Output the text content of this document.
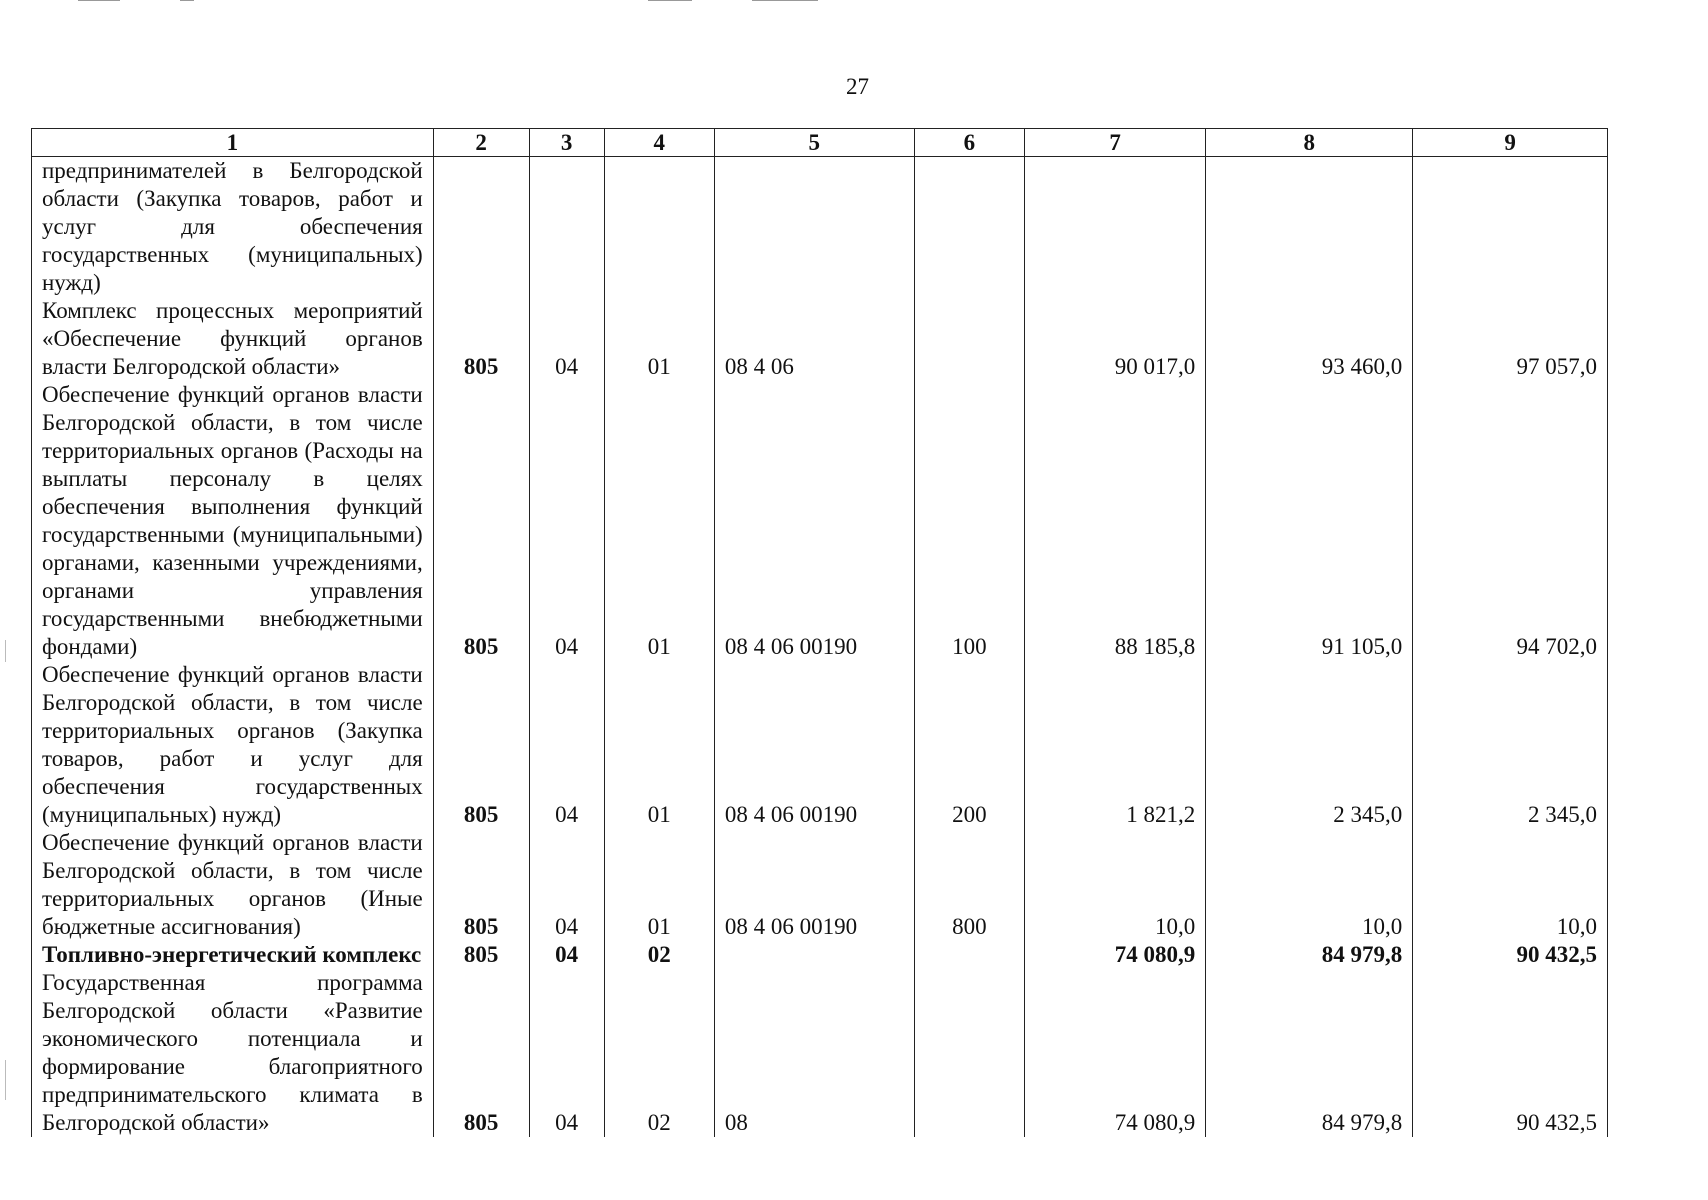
27
1	2	3	4	5	6	7	8	9
предпринимателей в Белгородской области (Закупка товаров, работ и услуг для обеспечения государственных (муниципальных) нужд)								
Комплекс процессных мероприятий «Обеспечение функций органов власти Белгородской области»	805	04	01	08 4 06		90 017,0	93 460,0	97 057,0
Обеспечение функций органов власти Белгородской области, в том числе территориальных органов (Расходы на выплаты персоналу в целях обеспечения выполнения функций государственными (муниципальными) органами, казенными учреждениями, органами управления государственными внебюджетными фондами)	805	04	01	08 4 06 00190	100	88 185,8	91 105,0	94 702,0
Обеспечение функций органов власти Белгородской области, в том числе территориальных органов (Закупка товаров, работ и услуг для обеспечения государственных (муниципальных) нужд)	805	04	01	08 4 06 00190	200	1 821,2	2 345,0	2 345,0
Обеспечение функций органов власти Белгородской области, в том числе территориальных органов (Иные бюджетные ассигнования)	805	04	01	08 4 06 00190	800	10,0	10,0	10,0
Топливно-энергетический комплекс	805	04	02			74 080,9	84 979,8	90 432,5
Государственная программа Белгородской области «Развитие экономического потенциала и формирование благоприятного предпринимательского климата в Белгородской области»	805	04	02	08		74 080,9	84 979,8	90 432,5
